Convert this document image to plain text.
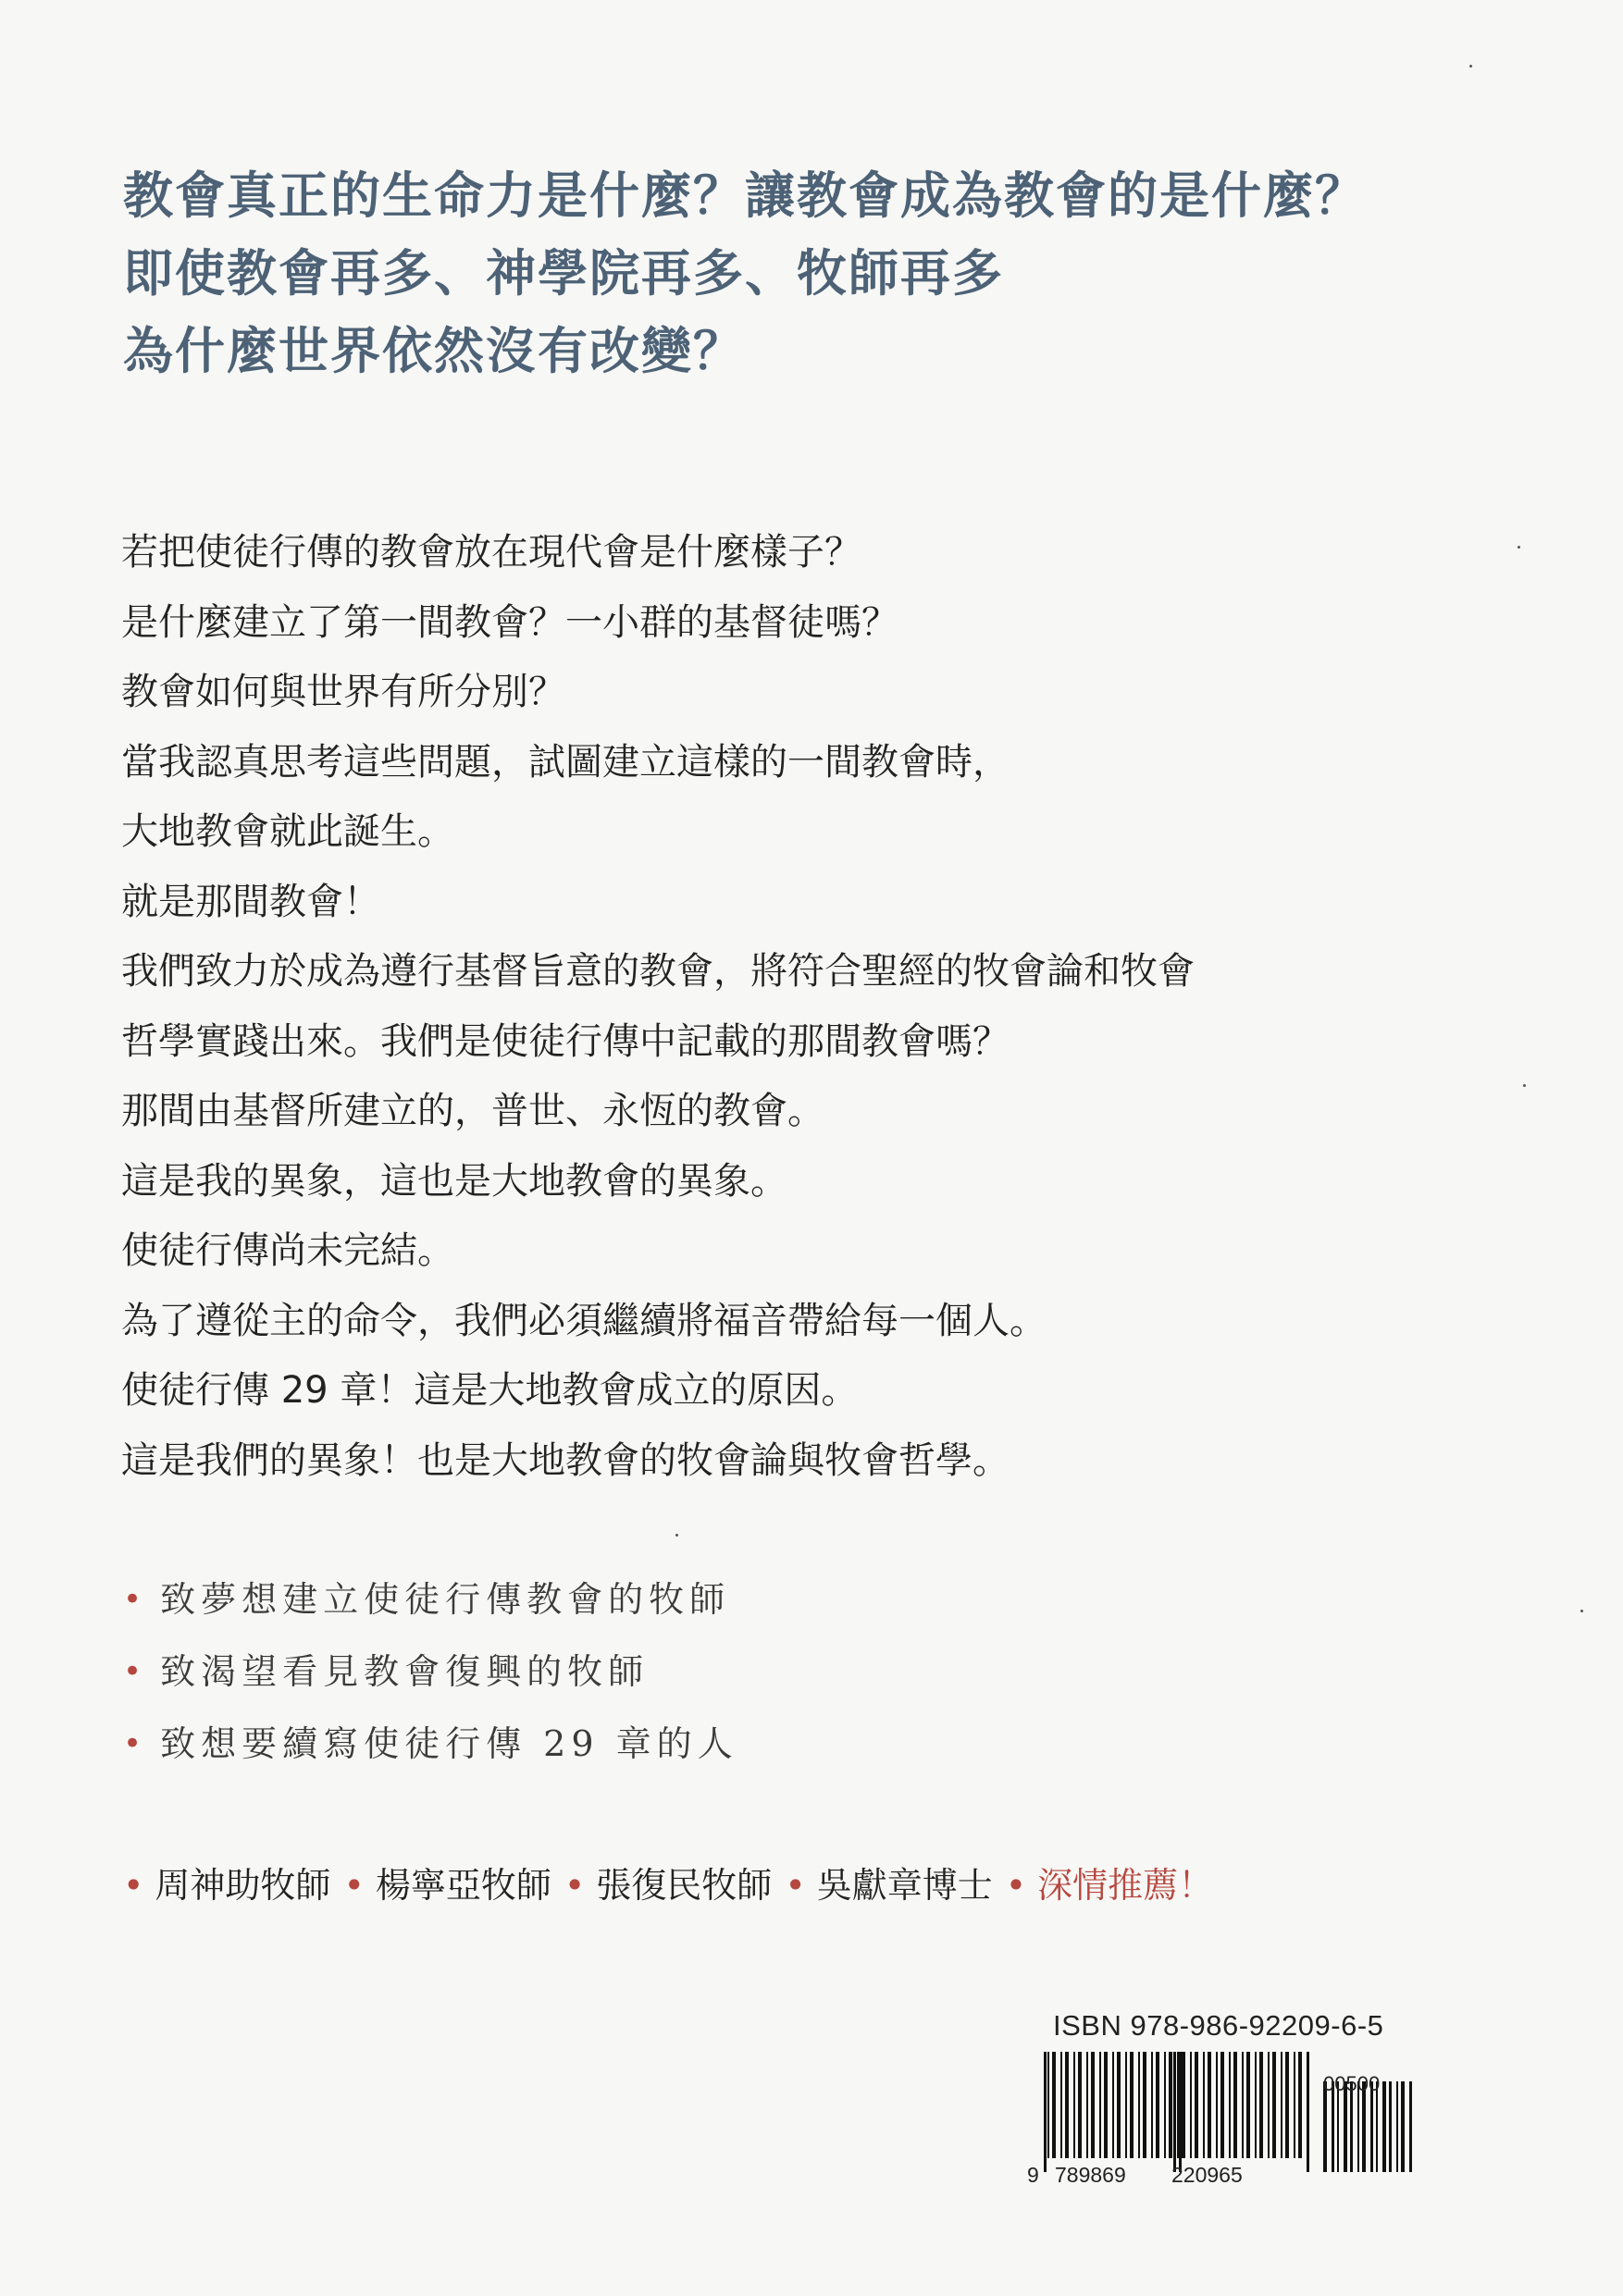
教會真正的生命力是什麼？讓教會成為教會的是什麼？
即使教會再多、神學院再多、牧師再多
為什麼世界依然沒有改變？
若把使徒行傳的教會放在現代會是什麼樣子？
是什麼建立了第一間教會？一小群的基督徒嗎？
教會如何與世界有所分別？
當我認真思考這些問題，試圖建立這樣的一間教會時，
大地教會就此誕生。
就是那間教會！
我們致力於成為遵行基督旨意的教會，將符合聖經的牧會論和牧會
哲學實踐出來。我們是使徒行傳中記載的那間教會嗎？
那間由基督所建立的，普世、永恆的教會。
這是我的異象，這也是大地教會的異象。
使徒行傳尚未完結。
為了遵從主的命令，我們必須繼續將福音帶給每一個人。
使徒行傳 29 章！這是大地教會成立的原因。
這是我們的異象！也是大地教會的牧會論與牧會哲學。
• 致夢想建立使徒行傳教會的牧師
• 致渴望看見教會復興的牧師
• 致想要續寫使徒行傳 29 章的人
• 周神助牧師 • 楊寧亞牧師 • 張復民牧師 • 吳獻章博士 • 深情推薦！
ISBN 978-986-92209-6-5
00500
9 789869 220965
